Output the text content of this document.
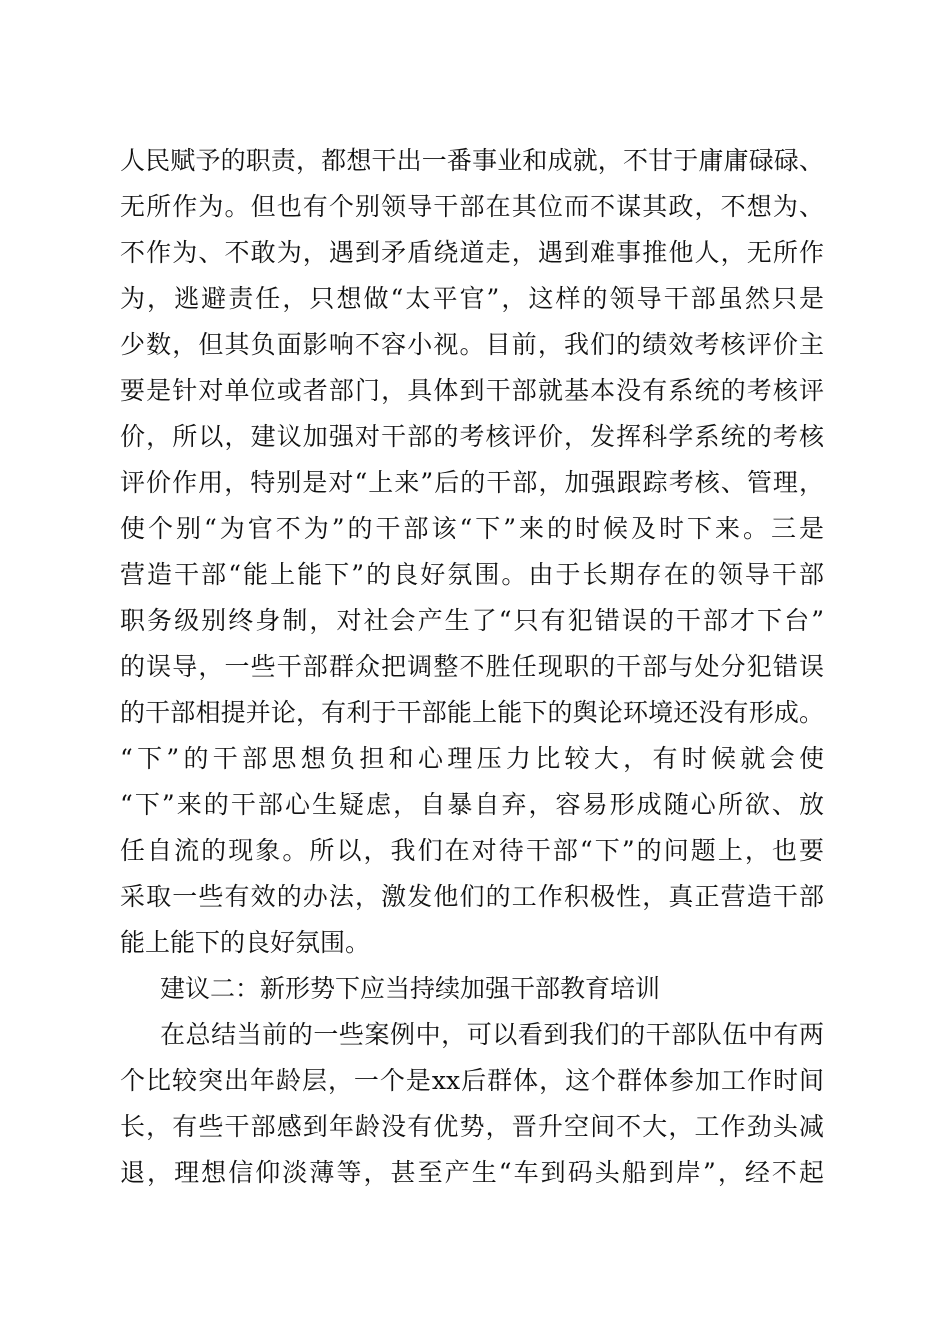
人民赋予的职责，都想干出一番事业和成就，不甘于庸庸碌碌、
无所作为。但也有个别领导干部在其位而不谋其政，不想为、
不作为、不敢为，遇到矛盾绕道走，遇到难事推他人，无所作
为，逃避责任，只想做“太平官”，这样的领导干部虽然只是
少数，但其负面影响不容小视。目前，我们的绩效考核评价主
要是针对单位或者部门，具体到干部就基本没有系统的考核评
价，所以，建议加强对干部的考核评价，发挥科学系统的考核
评价作用，特别是对“上来”后的干部，加强跟踪考核、管理，
使个别“为官不为”的干部该“下”来的时候及时下来。三是
营造干部“能上能下”的良好氛围。由于长期存在的领导干部
职务级别终身制，对社会产生了“只有犯错误的干部才下台”
的误导，一些干部群众把调整不胜任现职的干部与处分犯错误
的干部相提并论，有利于干部能上能下的舆论环境还没有形成。
“下”的干部思想负担和心理压力比较大，有时候就会使
“下”来的干部心生疑虑，自暴自弃，容易形成随心所欲、放
任自流的现象。所以，我们在对待干部“下”的问题上，也要
采取一些有效的办法，激发他们的工作积极性，真正营造干部
能上能下的良好氛围。
建议二：新形势下应当持续加强干部教育培训
在总结当前的一些案例中，可以看到我们的干部队伍中有两
个比较突出年龄层，一个是xx后群体，这个群体参加工作时间
长，有些干部感到年龄没有优势，晋升空间不大，工作劲头减
退，理想信仰淡薄等，甚至产生“车到码头船到岸”，经不起
